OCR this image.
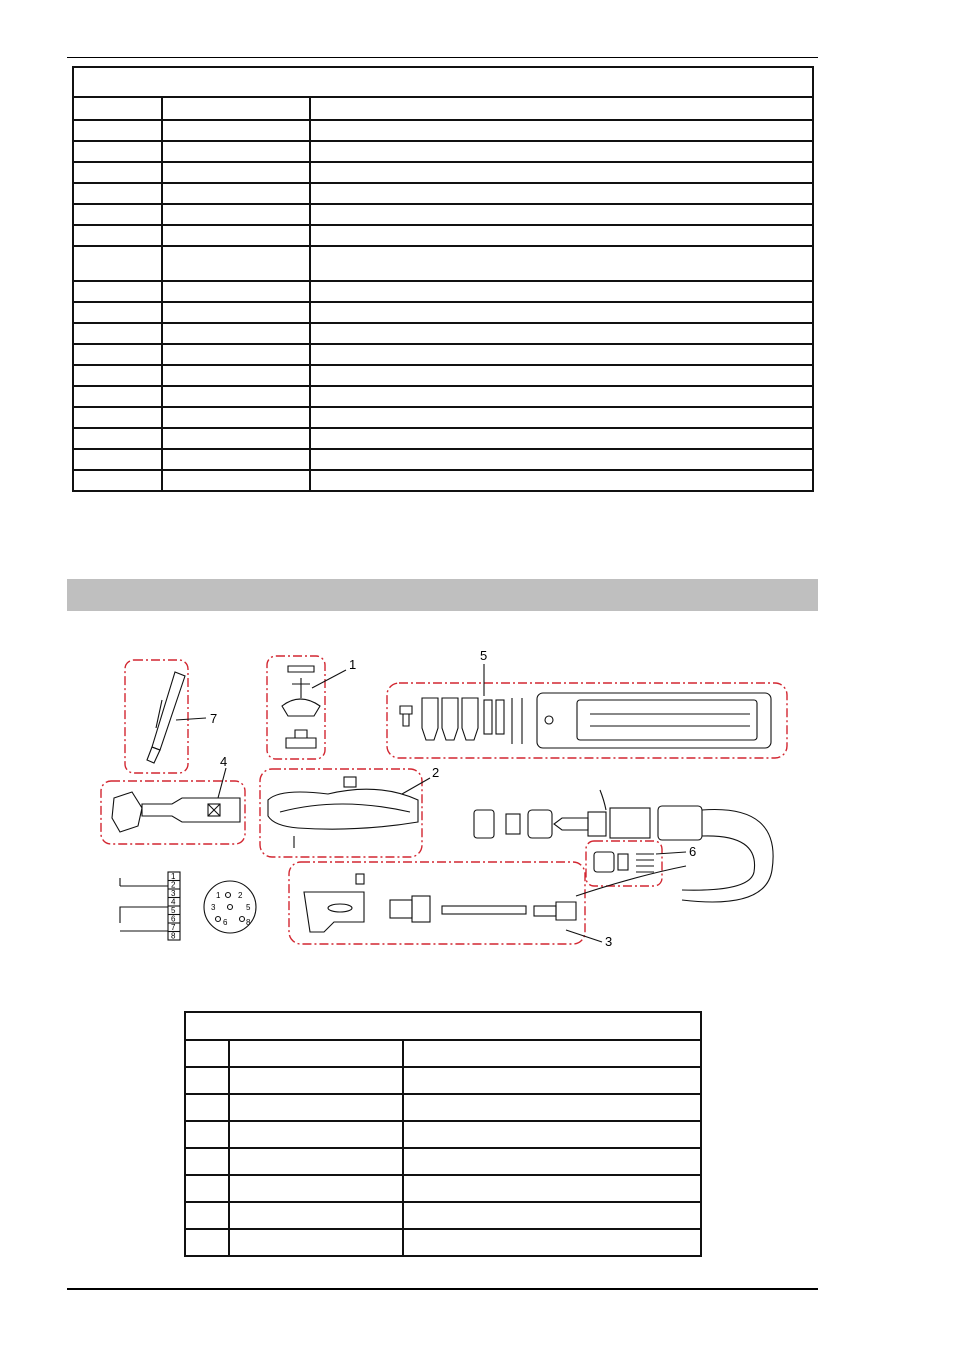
1
2
3
4
5
6
7
1
2
3
4
5
6
7
8
1 2
3	5
6 8
